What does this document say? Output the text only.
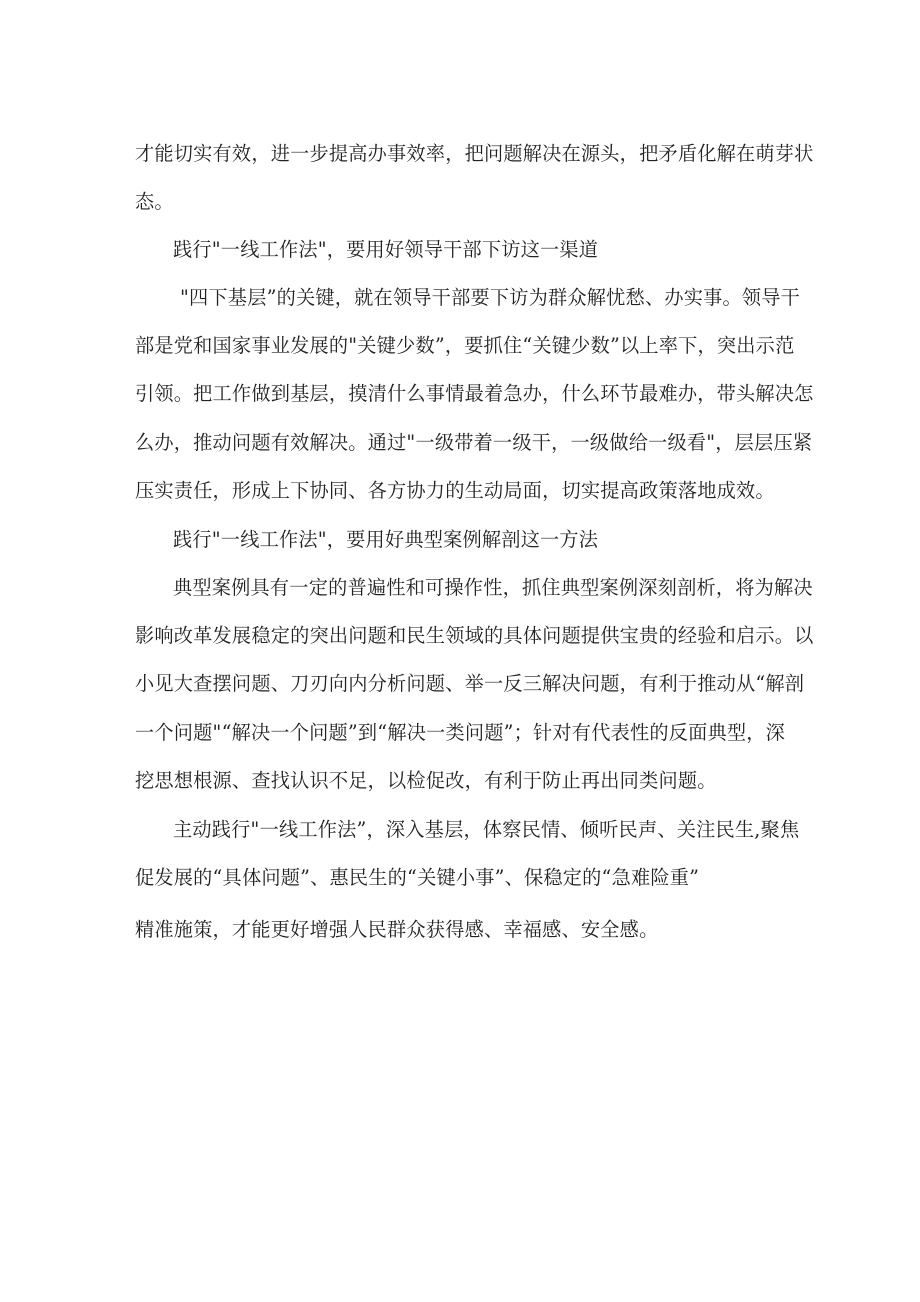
才能切实有效，进一步提高办事效率，把问题解决在源头，把矛盾化解在萌芽状
态。
践行"一线工作法"，要用好领导干部下访这一渠道
"四下基层”的关键，就在领导干部要下访为群众解忧愁、办实事。领导干
部是党和国家事业发展的"关键少数”，要抓住“关键少数”以上率下，突出示范
引领。把工作做到基层，摸清什么事情最着急办，什么环节最难办，带头解决怎
么办，推动问题有效解决。通过"一级带着一级干，一级做给一级看"，层层压紧
压实责任，形成上下协同、各方协力的生动局面，切实提高政策落地成效。
践行"一线工作法"，要用好典型案例解剖这一方法
典型案例具有一定的普遍性和可操作性，抓住典型案例深刻剖析，将为解决
影响改革发展稳定的突出问题和民生领域的具体问题提供宝贵的经验和启示。以
小见大查摆问题、刀刃向内分析问题、举一反三解决问题，有利于推动从“解剖
一个问题"“解决一个问题”到“解决一类问题”；针对有代表性的反面典型，深
挖思想根源、查找认识不足，以检促改，有利于防止再出同类问题。
主动践行"一线工作法”，深入基层，体察民情、倾听民声、关注民生,聚焦
促发展的“具体问题”、惠民生的“关键小事”、保稳定的“急难险重”
精准施策，才能更好增强人民群众获得感、幸福感、安全感。
